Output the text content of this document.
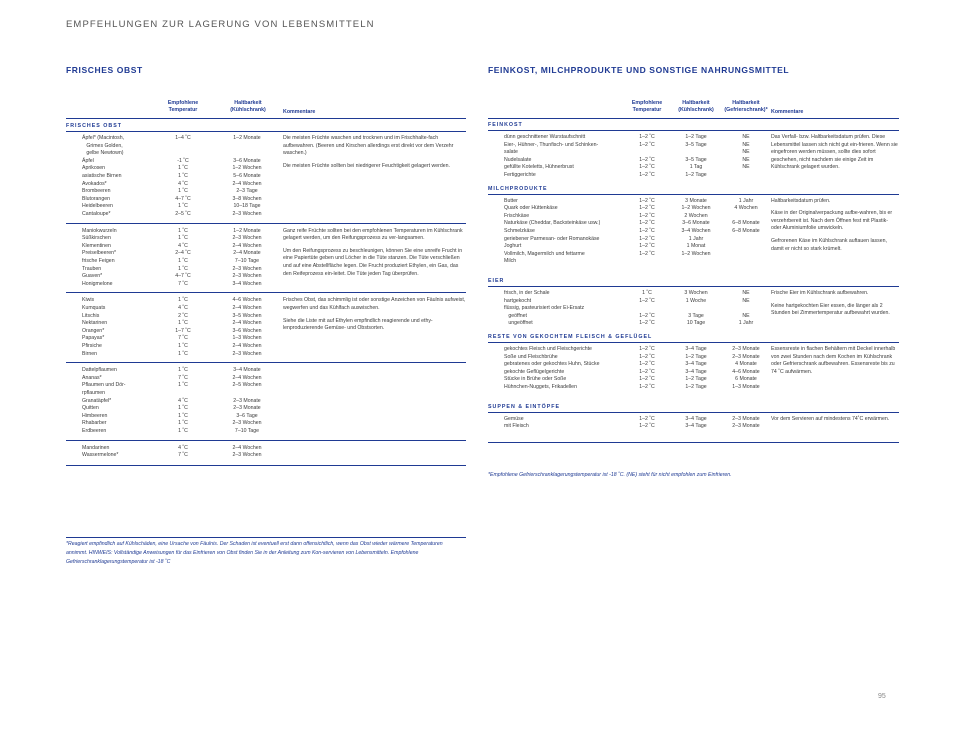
EMPFEHLUNGEN ZUR LAGERUNG VON LEBENSMITTELN
FRISCHES OBST
Empfohlene
Temperatur
Haltbarkeit
(Kühlschrank)	Kommentare
FRISCHES OBST
Äpfel* (Macintosh,	1–4 ˚C	1–2 Monate
Grimes Golden,
gelbe Newtown)
Äpfel	-1 ˚C	3–6 Monate
Aprikosen	1 ˚C	1–2 Wochen
asiatische Birnen	1 ˚C	5–6 Monate
Avokados*	4 ˚C	2–4 Wochen
Brombeeren	1 ˚C	2–3 Tage
Blutorangen	4–7 ˚C	3–8 Wochen
Heidelbeeren	1 ˚C	10–18 Tage
Cantaloupe*	2–5 ˚C	2–3 Wochen

Die meisten Früchte waschen und trocknen und im Frischhalte-fach aufbewahren. (Beeren und Kirschen allerdings erst direkt vor dem Verzehr waschen.)

Die meisten Früchte sollten bei niedrigerer Feuchtigkeit gelagert werden.

Maniokwurzeln	1 ˚C	1–2 Monate
Süßkirschen	1 ˚C	2–3 Wochen
Klementinen	4 ˚C	2–4 Wochen
Preiselbeeren*	2–4 ˚C	2–4 Monate
frische Feigen	1 ˚C	7–10 Tage
Trauben	1 ˚C	2–3 Wochen
Guaven*	4–7 ˚C	2–3 Wochen
Honigmelone	7 ˚C	3–4 Wochen

Ganz reife Früchte sollten bei den empfohlenen Temperaturen im Kühlschrank gelagert werden, um den Reifungsprozess zu ver-langsamen.

Um den Reifungsprozess zu beschleunigen, können Sie eine unreife Frucht in eine Papiertüte geben und Löcher in die Tüte stanzen. Die Tüte verschließen und auf eine Abstellfläche legen. Die Frucht produziert Ethylen, ein Gas, das den Reifeprozess ein-leitet. Die Tüte jeden Tag überprüfen.

Kiwis	1 ˚C	4–6 Wochen
Kumquats	4 ˚C	2–4 Wochen
Litschis	2 ˚C	3–5 Wochen
Nektarinen	1 ˚C	2–4 Wochen
Orangen*	1–7 ˚C	3–6 Wochen
Papayas*	7 ˚C	1–3 Wochen
Pfirsiche	1 ˚C	2–4 Wochen
Birnen	1 ˚C	2–3 Wochen

Frisches Obst, das schimmlig ist oder sonstige Anzeichen von Fäulnis aufweist, wegwerfen und das Kühlfach auswischen.

Siehe die Liste mit auf Ethylen empfindlich reagierende und ethy-lenproduzierende Gemüse- und Obstsorten.

Dattelpflaumen	1 ˚C	3–4 Monate
Ananas*	7 ˚C	2–4 Wochen
Pflaumen und Dör-	1 ˚C	2–5 Wochen
rpflaumen
Granatäpfel*	4 ˚C	2–3 Monate
Quitten	1 ˚C	2–3 Monate
Himbeeren	1 ˚C	3–6 Tage
Rhabarber	1 ˚C	2–3 Wochen
Erdbeeren	1 ˚C	7–10 Tage
Mandarinen	4 ˚C	2–4 Wochen
Wassermelone*	7 ˚C	2–3 Wochen
*Reagiert empfindlich auf Kühlschäden, eine Ursache von Fäulnis. Der Schaden ist eventuell erst dann offensichtlich, wenn das Obst wieder wärmere Temperaturen annimmt. HINWEIS: Vollständige Anweisungen für das Einfrieren von Obst finden Sie in der Anleitung zum Kon-servieren von Lebensmitteln. Empfohlene Gefrierschranklagerungstemperatur ist -18 ˚C
FEINKOST, MILCHPRODUKTE UND SONSTIGE NAHRUNGSMITTEL
Empfohlene
Temperatur
Haltbarkeit
(Kühlschrank)
Haltbarkeit
(Gefrierschrank)* Kommentare
FEINKOST
dünn geschnittener Wurstaufschnitt	1–2 ˚C	1–2 Tage	NE
Eier-, Hühner-, Thunfisch- und Schinken-	1–2 ˚C	3–5 Tage	NE
salate	NE
Nudelsalate	1–2 ˚C	3–5 Tage	NE
gefüllte Koteletts, Hühnerbrust	1–2 ˚C	1 Tag	NE
Fertiggerichte	1–2 ˚C	1–2 Tage

Das Verfall- bzw. Haltbarkeitsdatum prüfen. Diese Lebensmittel lassen sich nicht gut ein-frieren. Wenn sie eingefroren werden müssen, sollte dies sofort geschehen, nicht nachdem sie einige Zeit im Kühlschrank gelagert wurden.

MILCHPRODUKTE
Butter	1–2 ˚C	3 Monate	1 Jahr
Quark oder Hüttenkäse	1–2 ˚C	1–2 Wochen	4 Wochen
Frischkäse	1–2 ˚C	2 Wochen
Naturkäse (Cheddar, Backsteinkäse usw.)	1–2 ˚C	3–6 Monate	6–8 Monate
Schmelzkäse	1–2 ˚C	3–4 Wochen	6–8 Monate
geriebener Parmesan- oder Romanokäse	1–2 ˚C	1 Jahr
Joghurt	1–2 ˚C	1 Monat
Vollmilch, Magermilch und fettarme	1–2 ˚C	1–2 Wochen
Milch

Haltbarkeitsdatum prüfen.

Käse in der Originalverpackung aufbe-wahren, bis er verzehrbereit ist. Nach dem Öffnen fest mit Plastik- oder Aluminiumfolie umwickeln.

Gefrorenen Käse im Kühlschrank auftauen lassen, damit er nicht so stark krümelt.

EIER
frisch, in der Schale	1 ˚C	3 Wochen	NE
hartgekocht	1–2 ˚C	1 Woche	NE
flüssig, pasteurisiert oder Ei-Ersatz
geöffnet	1–2 ˚C	3 Tage	NE
ungeöffnet	1–2 ˚C	10 Tage	1 Jahr

Frische Eier im Kühlschrank aufbewahren.

Keine hartgekochten Eier essen, die länger als 2 Stunden bei Zimmertemperatur aufbewahrt wurden.

RESTE VON GEKOCHTEM FLEISCH & GEFLÜGEL
gekochtes Fleisch und Fleischgerichte	1–2 ˚C	3–4 Tage	2–3 Monate
Soße und Fleischbrühe	1–2 ˚C	1–2 Tage	2–3 Monate
gebratenes oder gekochtes Huhn, Stücke	1–2 ˚C	3–4 Tage	4 Monate
gekochte Geflügelgerichte	1–2 ˚C	3–4 Tage	4–6 Monate
Stücke in Brühe oder Soße	1–2 ˚C	1–2 Tage	6 Monate
Hühnchen-Nuggets, Frikadellen	1–2 ˚C	1–2 Tage	1–3 Monate

Essensreste in flachen Behältern mit Deckel innerhalb von zwei Stunden nach dem Kochen im Kühlschrank oder Gefrierschrank aufbewahren. Essensreste bis zu 74 ˚C aufwärmen.

SUPPEN & EINTÖPFE
Gemüse	1–2 ˚C	3–4 Tage	2–3 Monate
mit Fleisch	1–2 ˚C	3–4 Tage	2–3 Monate

Vor dem Servieren auf mindestens 74˚C erwärmen.

*Empfohlene Gefrierschranklagerungstemperatur ist -18 ˚C. (NE) steht für nicht empfohlen zum Einfrieren.
95
